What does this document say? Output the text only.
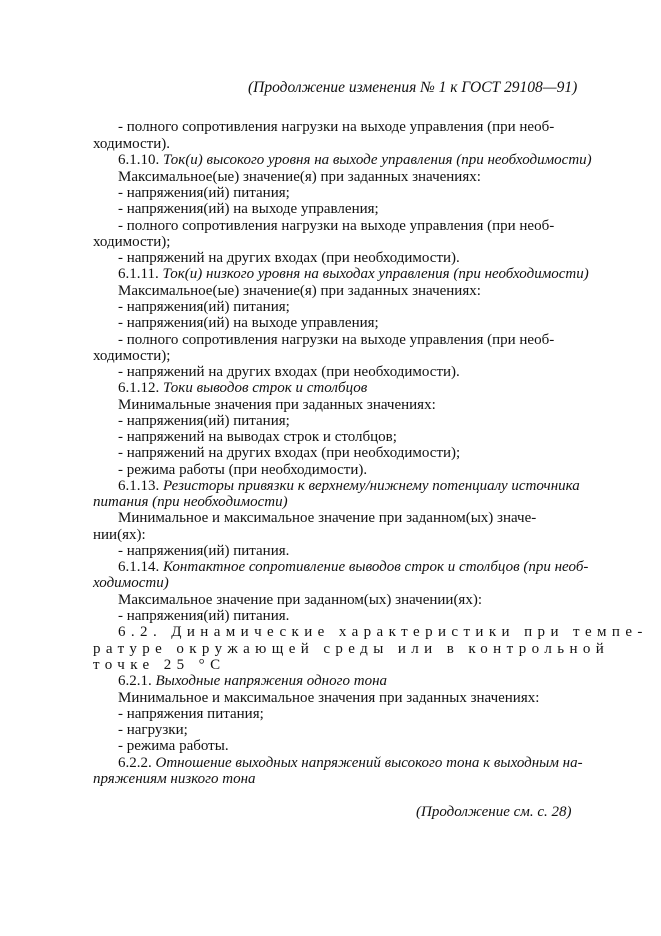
(Продолжение изменения № 1 к ГОСТ 29108—91)
- полного сопротивления нагрузки на выходе управления (при необ-
ходимости).
6.1.10. Ток(и) высокого уровня на выходе управления (при необходимости)
Максимальное(ые) значение(я) при заданных значениях:
- напряжения(ий) питания;
- напряжения(ий) на выходе управления;
- полного сопротивления нагрузки на выходе управления (при необ-
ходимости);
- напряжений на других входах (при необходимости).
6.1.11. Ток(и) низкого уровня на выходах управления (при необходимости)
Максимальное(ые) значение(я) при заданных значениях:
- напряжения(ий) питания;
- напряжения(ий) на выходе управления;
- полного сопротивления нагрузки на выходе управления (при необ-
ходимости);
- напряжений на других входах (при необходимости).
6.1.12. Токи выводов строк и столбцов
Минимальные значения при заданных значениях:
- напряжения(ий) питания;
- напряжений на выводах строк и столбцов;
- напряжений на других входах (при необходимости);
- режима работы (при необходимости).
6.1.13. Резисторы привязки к верхнему/нижнему потенциалу источника
питания (при необходимости)
Минимальное и максимальное значение при заданном(ых) значе-
нии(ях):
- напряжения(ий) питания.
6.1.14. Контактное сопротивление выводов строк и столбцов (при необ-
ходимости)
Максимальное значение при заданном(ых) значении(ях):
- напряжения(ий) питания.
6.2. Динамические характеристики при темпе-
ратуре окружающей среды или в контрольной
точке 25 °С
6.2.1. Выходные напряжения одного тона
Минимальное и максимальное значения при заданных значениях:
- напряжения питания;
- нагрузки;
- режима работы.
6.2.2. Отношение выходных напряжений высокого тона к выходным на-
пряжениям низкого тона
(Продолжение см. с. 28)
